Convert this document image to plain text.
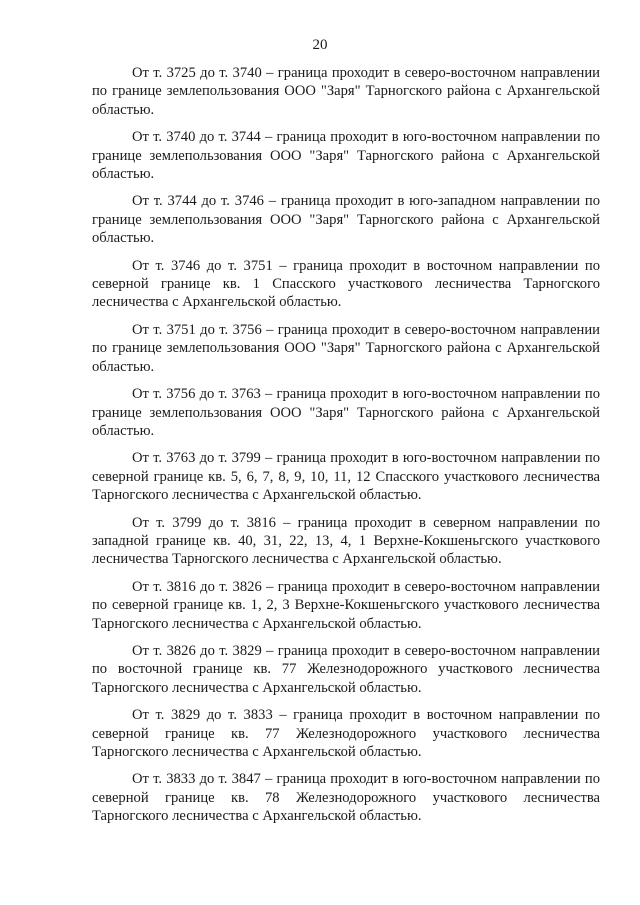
20

От т. 3725 до т. 3740 – граница проходит в северо-восточном направлении по границе землепользования ООО "Заря" Тарногского района с Архангельской областью.

От т. 3740 до т. 3744 – граница проходит в юго-восточном направлении по границе землепользования ООО "Заря" Тарногского района с Архангельской областью.

От т. 3744 до т. 3746 – граница проходит в юго-западном направлении по границе землепользования ООО "Заря" Тарногского района с Архангельской областью.

От т. 3746 до т. 3751 – граница проходит в восточном направлении по северной границе кв. 1 Спасского участкового лесничества Тарногского лесничества с Архангельской областью.

От т. 3751 до т. 3756 – граница проходит в северо-восточном направлении по границе землепользования ООО "Заря" Тарногского района с Архангельской областью.

От т. 3756 до т. 3763 – граница проходит в юго-восточном направлении по границе землепользования ООО "Заря" Тарногского района с Архангельской областью.

От т. 3763 до т. 3799 – граница проходит в юго-восточном направлении по северной границе кв. 5, 6, 7, 8, 9, 10, 11, 12 Спасского участкового лесничества Тарногского лесничества с Архангельской областью.

От т. 3799 до т. 3816 – граница проходит в северном направлении по западной границе кв. 40, 31, 22, 13, 4, 1 Верхне-Кокшеньгского участкового лесничества Тарногского лесничества с Архангельской областью.

От т. 3816 до т. 3826 – граница проходит в северо-восточном направлении по северной границе кв. 1, 2, 3 Верхне-Кокшеньгского участкового лесничества Тарногского лесничества с Архангельской областью.

От т. 3826 до т. 3829 – граница проходит в северо-восточном направлении по восточной границе кв. 77 Железнодорожного участкового лесничества Тарногского лесничества с Архангельской областью.

От т. 3829 до т. 3833 – граница проходит в восточном направлении по северной границе кв. 77 Железнодорожного участкового лесничества Тарногского лесничества с Архангельской областью.

От т. 3833 до т. 3847 – граница проходит в юго-восточном направлении по северной границе кв. 78 Железнодорожного участкового лесничества Тарногского лесничества с Архангельской областью.
